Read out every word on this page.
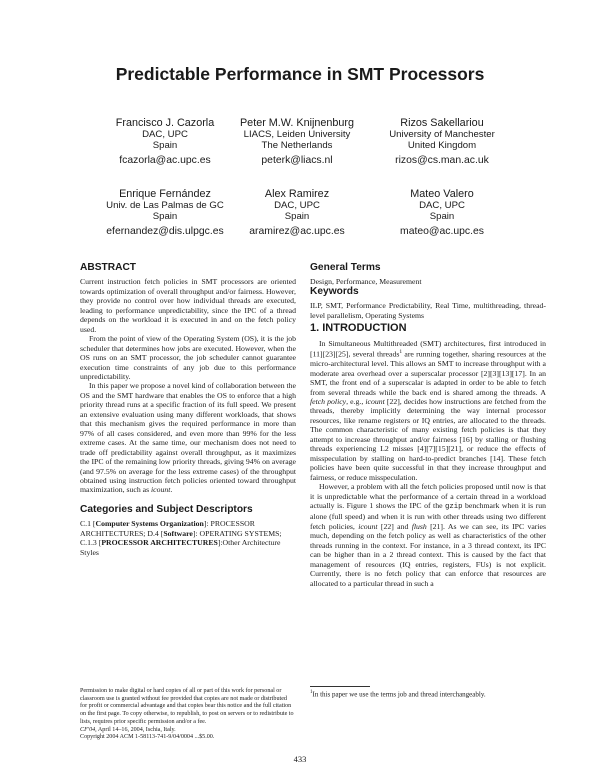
Predictable Performance in SMT Processors
Francisco J. Cazorla
DAC, UPC
Spain
fcazorla@ac.upc.es
Peter M.W. Knijnenburg
LIACS, Leiden University
The Netherlands
peterk@liacs.nl
Rizos Sakellariou
University of Manchester
United Kingdom
rizos@cs.man.ac.uk
Enrique Fernández
Univ. de Las Palmas de GC
Spain
efernandez@dis.ulpgc.es
Alex Ramirez
DAC, UPC
Spain
aramirez@ac.upc.es
Mateo Valero
DAC, UPC
Spain
mateo@ac.upc.es
ABSTRACT

Current instruction fetch policies in SMT processors are oriented towards optimization of overall throughput and/or fairness. However, they provide no control over how individual threads are executed, leading to performance unpredictability, since the IPC of a thread depends on the workload it is executed in and on the fetch policy used.

From the point of view of the Operating System (OS), it is the job scheduler that determines how jobs are executed. However, when the OS runs on an SMT processor, the job scheduler cannot guarantee execution time constraints of any job due to this performance unpredictability.

In this paper we propose a novel kind of collaboration between the OS and the SMT hardware that enables the OS to enforce that a high priority thread runs at a specific fraction of its full speed. We present an extensive evaluation using many different workloads, that shows that this mechanism gives the required performance in more than 97% of all cases considered, and even more than 99% for the less extreme cases. At the same time, our mechanism does not need to trade off predictability against overall throughput, as it maximizes the IPC of the remaining low priority threads, giving 94% on average (and 97.5% on average for the less extreme cases) of the throughput obtained using instruction fetch policies oriented toward throughput maximization, such as icount.

Categories and Subject Descriptors

C.1 [Computer Systems Organization]: PROCESSOR ARCHITECTURES; D.4 [Software]: OPERATING SYSTEMS; C.1.3 [PROCESSOR ARCHITECTURES]:Other Architecture Styles

Permission to make digital or hard copies of all or part of this work for personal or classroom use is granted without fee provided that copies are not made or distributed for profit or commercial advantage and that copies bear this notice and the full citation on the first page. To copy otherwise, to republish, to post on servers or to redistribute to lists, requires prior specific permission and/or a fee.
CF'04, April 14–16, 2004, Ischia, Italy.
Copyright 2004 ACM 1-58113-741-9/04/0004 ...$5.00.
General Terms

Design, Performance, Measurement

Keywords

ILP, SMT, Performance Predictability, Real Time, multithreading, thread-level parallelism, Operating Systems

1. INTRODUCTION

In Simultaneous Multithreaded (SMT) architectures, first introduced in [11][23][25], several threads$^1$ are running together, sharing resources at the micro-architectural level. This allows an SMT to increase throughput with a moderate area overhead over a superscalar processor [2][3][13][17]. In an SMT, the front end of a superscalar is adapted in order to be able to fetch from several threads while the back end is shared among the threads. A fetch policy, e.g., icount [22], decides how instructions are fetched from the threads, thereby implicitly determining the way internal processor resources, like rename registers or IQ entries, are allocated to the threads. The common characteristic of many existing fetch policies is that they attempt to increase throughput and/or fairness [16] by stalling or flushing threads experiencing L2 misses [4][7][15][21], or reduce the effects of misspeculation by stalling on hard-to-predict branches [14]. These fetch policies have been quite successful in that they increase throughput and fairness, or reduce misspeculation.

However, a problem with all the fetch policies proposed until now is that it is unpredictable what the performance of a certain thread in a workload actually is. Figure 1 shows the IPC of the gzip benchmark when it is run alone (full speed) and when it is run with other threads using two different fetch policies, icount [22] and flush [21]. As we can see, its IPC varies much, depending on the fetch policy as well as characteristics of the other threads running in the context. For instance, in a 3 thread context, its IPC can be higher than in a 2 thread context. This is caused by the fact that management of resources (IQ entries, registers, FUs) is not explicit. Currently, there is no fetch policy that can enforce that resources are allocated to a particular thread in such a

$^1$In this paper we use the terms job and thread interchangeably.
433
